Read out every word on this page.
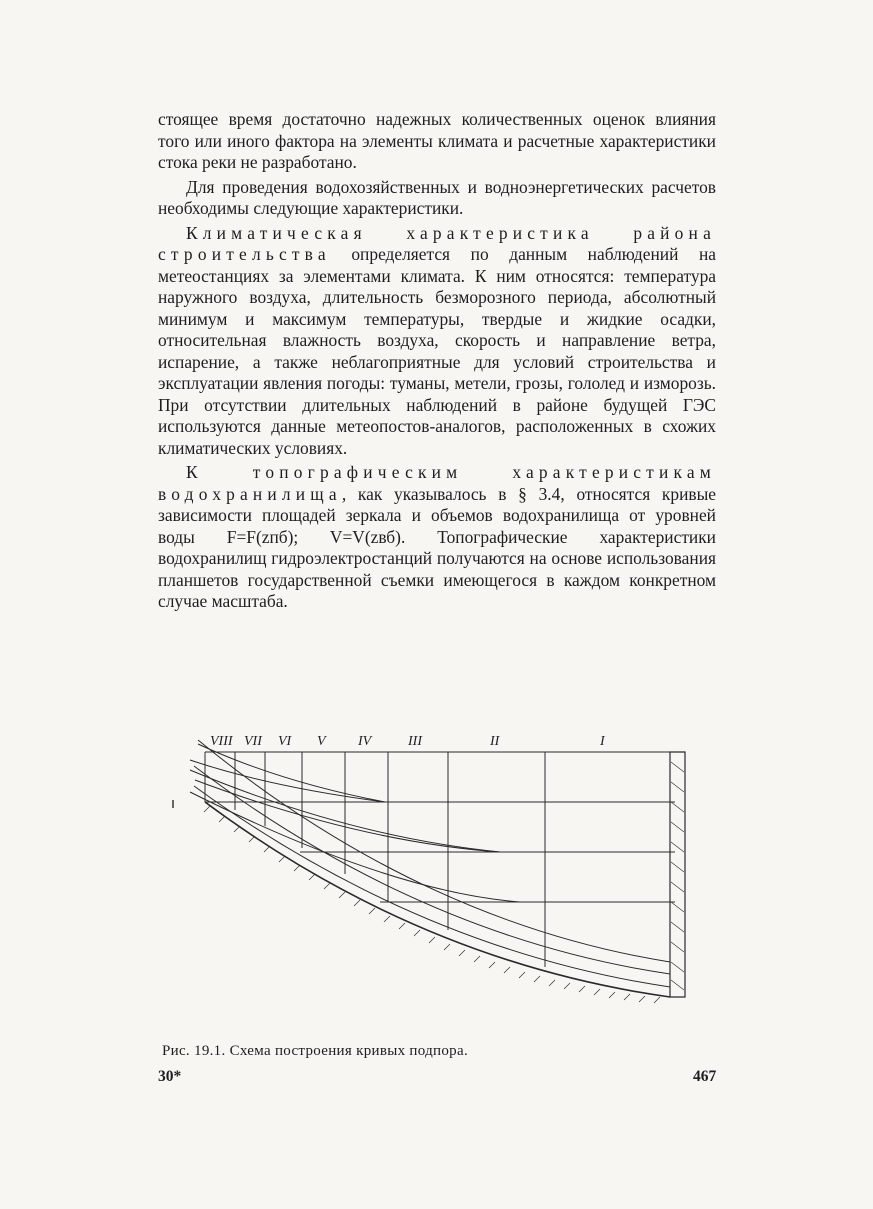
стоящее время достаточно надежных количественных оценок влияния того или иного фактора на элементы климата и расчетные характеристики стока реки не разработано.

Для проведения водохозяйственных и водноэнергетических расчетов необходимы следующие характеристики.

Климатическая характеристика района строительства определяется по данным наблюдений на метеостанциях за элементами климата. К ним относятся: температура наружного воздуха, длительность безморозного периода, абсолютный минимум и максимум температуры, твердые и жидкие осадки, относительная влажность воздуха, скорость и направление ветра, испарение, а также неблагоприятные для условий строительства и эксплуатации явления погоды: туманы, метели, грозы, гололед и изморозь. При отсутствии длительных наблюдений в районе будущей ГЭС используются данные метеопостов-аналогов, расположенных в схожих климатических условиях.

К топографическим характеристикам водохранилища, как указывалось в § 3.4, относятся кривые зависимости площадей зеркала и объемов водохранилища от уровней воды F=F(zпб); V=V(zвб). Топографические характеристики водохранилищ гидроэлектростанций получаются на основе использования планшетов государственной съемки имеющегося в каждом конкретном случае масштаба.

VIII VII VI V IV	III	II	I
Рис. 19.1. Схема построения кривых подпора.
30*	467
